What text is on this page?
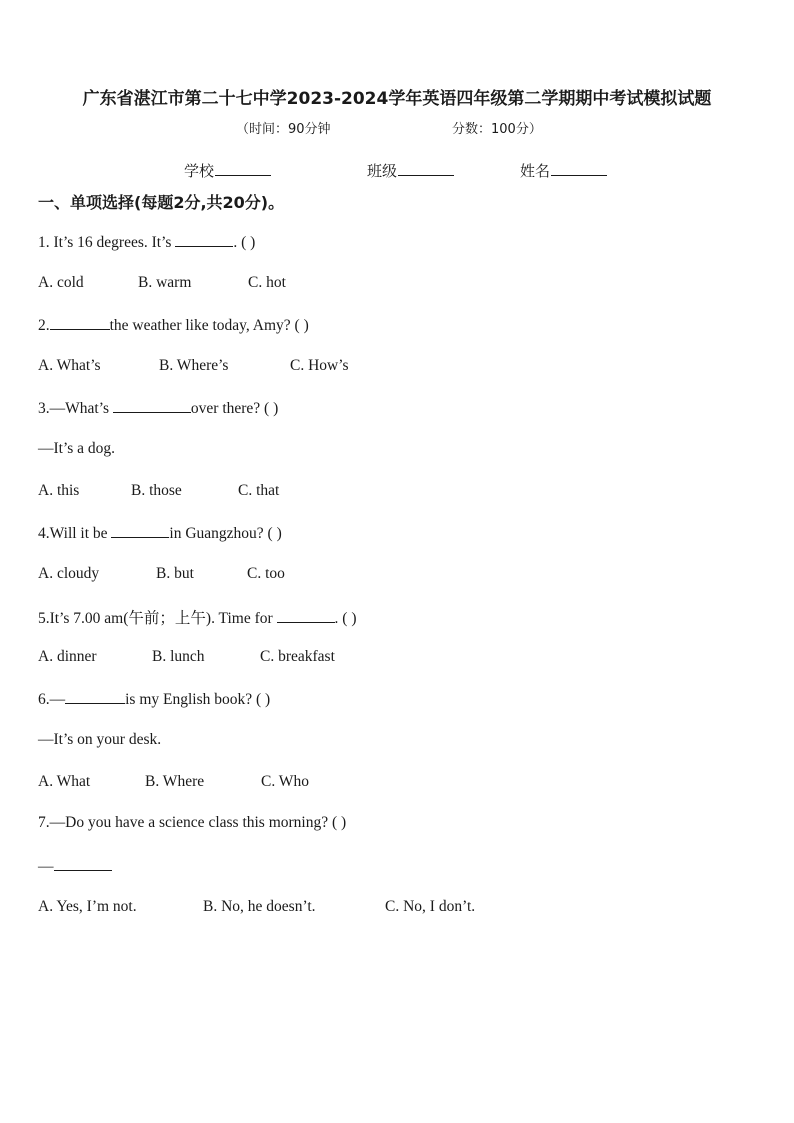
广东省湛江市第二十七中学2023-2024学年英语四年级第二学期期中考试模拟试题
（时间：90分钟	分数：100分）
学校	班级	姓名
一、单项选择(每题2分,共20分)。
1. It’s 16 degrees. It’s	. ( )
A. cold	B. warm	C. hot
2.	the weather like today, Amy? ( )
A. What’s	B. Where’s	C. How’s
3.—What’s	over there? ( )
—It’s a dog.
A. this	B. those	C. that
4.Will it be	in Guangzhou? ( )
A. cloudy	B. but	C. too
5.It’s 7.00 am(午前；上午). Time for	. ( )
A. dinner	B. lunch	C. breakfast
6.—	is my English book? ( )
—It’s on your desk.
A. What	B. Where	C. Who
7.—Do you have a science class this morning? ( )
—
A. Yes, I’m not.	B. No, he doesn’t.	C. No, I don’t.
